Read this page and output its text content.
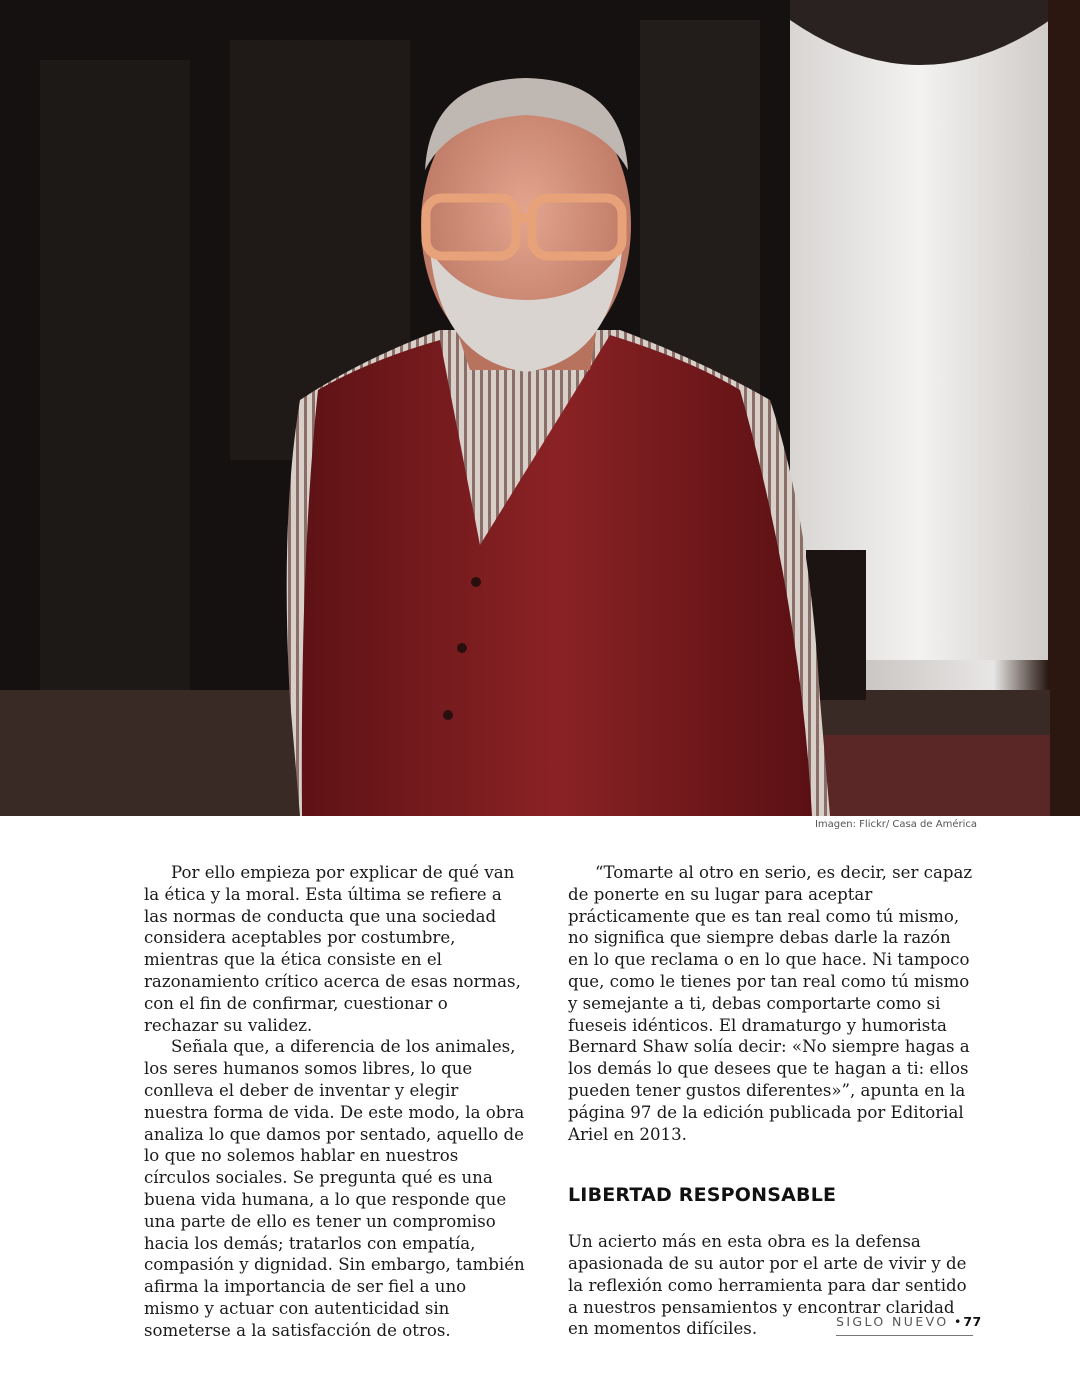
Imagen: Flickr/ Casa de América

Por ello empieza por explicar de qué van la ética y la moral. Esta última se refiere a las normas de conducta que una sociedad considera aceptables por costumbre, mientras que la ética consiste en el razonamiento crítico acerca de esas normas, con el fin de confirmar, cuestionar o rechazar su validez.

Señala que, a diferencia de los animales, los seres humanos somos libres, lo que conlleva el deber de inventar y elegir nuestra forma de vida. De este modo, la obra analiza lo que damos por sentado, aquello de lo que no solemos hablar en nuestros círculos sociales. Se pregunta qué es una buena vida humana, a lo que responde que una parte de ello es tener un compromiso hacia los demás; tratarlos con empatía, compasión y dignidad. Sin embargo, también afirma la importancia de ser fiel a uno mismo y actuar con autenticidad sin someterse a la satisfacción de otros.

“Tomarte al otro en serio, es decir, ser capaz de ponerte en su lugar para aceptar prácticamente que es tan real como tú mismo, no significa que siempre debas darle la razón en lo que reclama o en lo que hace. Ni tampoco que, como le tienes por tan real como tú mismo y semejante a ti, debas comportarte como si fueseis idénticos. El dramaturgo y humorista Bernard Shaw solía decir: «No siempre hagas a los demás lo que desees que te hagan a ti: ellos pueden tener gustos diferentes»”, apunta en la página 97 de la edición publicada por Editorial Ariel en 2013.

LIBERTAD RESPONSABLE

Un acierto más en esta obra es la defensa apasionada de su autor por el arte de vivir y de la reflexión como herramienta para dar sentido a nuestros pensamientos y encontrar claridad en momentos difíciles.	SIGLO NUEVO • 77
